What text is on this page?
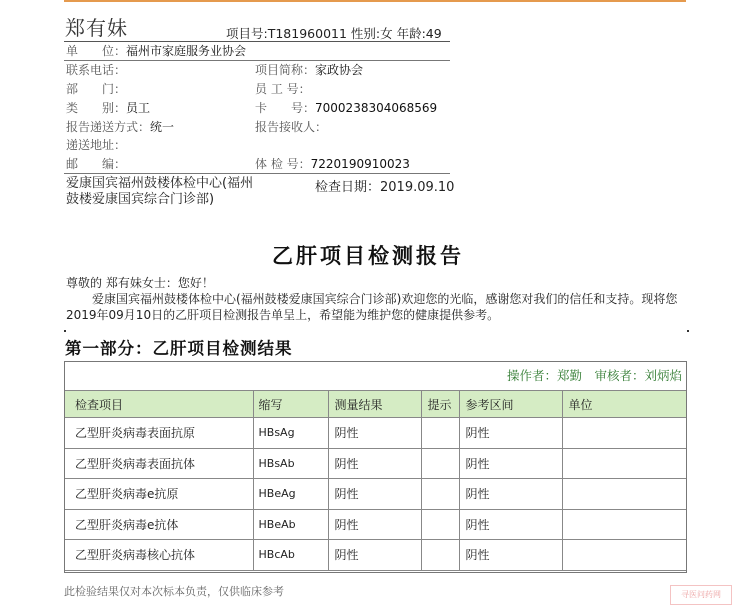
郑有妹	项目号:T181960011 性别:女 年龄:49
单　　位：福州市家庭服务业协会
联系电话：	项目简称：家政协会
部　　门：	员 工 号：
类　　别：员工	卡　　号：7000238304068569
报告递送方式：统一	报告接收人：
递送地址：
邮　　编：	体 检 号：7220190910023
爱康国宾福州鼓楼体检中心(福州鼓楼爱康国宾综合门诊部)
检查日期：2019.09.10
乙肝项目检测报告
尊敬的 郑有妹女士：您好！
爱康国宾福州鼓楼体检中心(福州鼓楼爱康国宾综合门诊部)欢迎您的光临，感谢您对我们的信任和支持。现将您2019年09月10日的乙肝项目检测报告单呈上，希望能为维护您的健康提供参考。
第一部分：乙肝项目检测结果
操作者：郑勤　审核者：刘炳焰
检查项目	缩写	测量结果	提示	参考区间	单位
乙型肝炎病毒表面抗原	HBsAg	阴性		阴性	
乙型肝炎病毒表面抗体	HBsAb	阴性		阴性	
乙型肝炎病毒e抗原	HBeAg	阴性		阴性	
乙型肝炎病毒e抗体	HBeAb	阴性		阴性	
乙型肝炎病毒核心抗体	HBcAb	阴性		阴性	
此检验结果仅对本次标本负责，仅供临床参考	寻医问药网
